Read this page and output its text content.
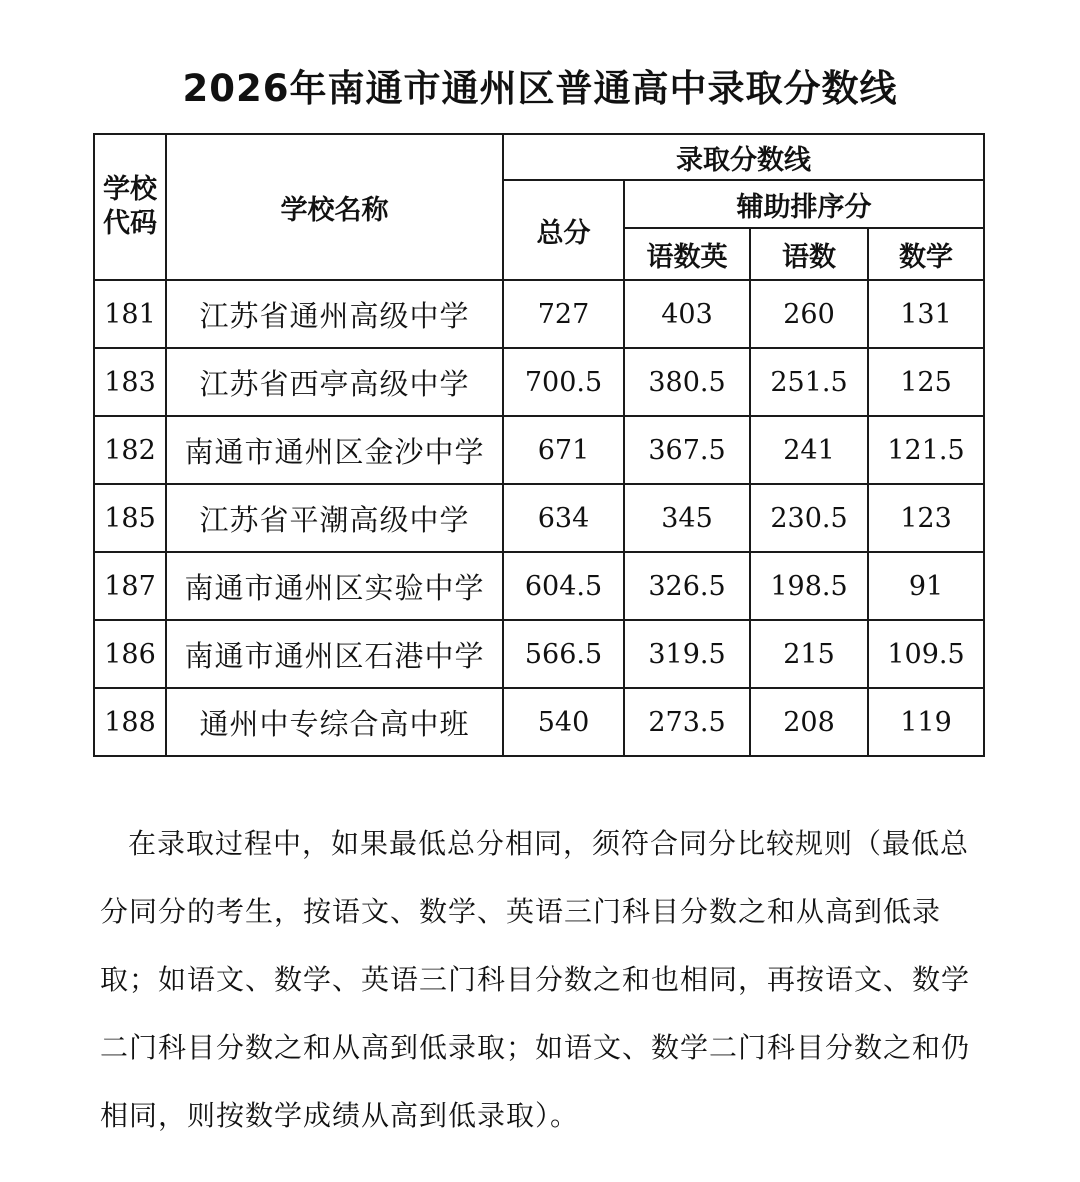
2026年南通市通州区普通高中录取分数线
学校代码	学校名称	录取分数线			
		总分	辅助排序分		
			语数英	语数	数学
181	江苏省通州高级中学	727	403	260	131
183	江苏省西亭高级中学	700.5	380.5	251.5	125
182	南通市通州区金沙中学	671	367.5	241	121.5
185	江苏省平潮高级中学	634	345	230.5	123
187	南通市通州区实验中学	604.5	326.5	198.5	91
186	南通市通州区石港中学	566.5	319.5	215	109.5
188	通州中专综合高中班	540	273.5	208	119

在录取过程中，如果最低总分相同，须符合同分比较规则（最低总分同分的考生，按语文、数学、英语三门科目分数之和从高到低录取；如语文、数学、英语三门科目分数之和也相同，再按语文、数学二门科目分数之和从高到低录取；如语文、数学二门科目分数之和仍相同，则按数学成绩从高到低录取）。
